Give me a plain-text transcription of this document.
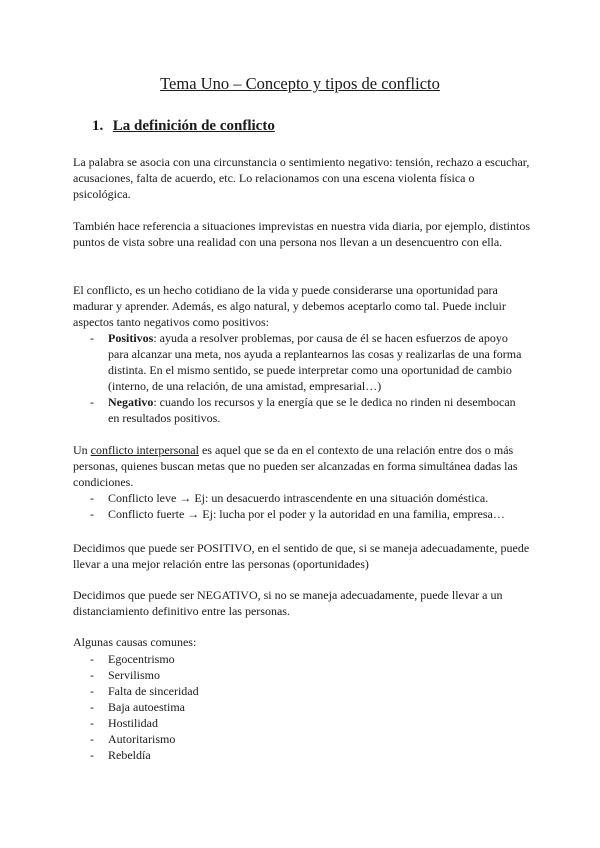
Tema Uno – Concepto y tipos de conflicto
1. La definición de conflicto

La palabra se asocia con una circunstancia o sentimiento negativo: tensión, rechazo a escuchar, acusaciones, falta de acuerdo, etc. Lo relacionamos con una escena violenta física o psicológica.

También hace referencia a situaciones imprevistas en nuestra vida diaria, por ejemplo, distintos puntos de vista sobre una realidad con una persona nos llevan a un desencuentro con ella.

El conflicto, es un hecho cotidiano de la vida y puede considerarse una oportunidad para madurar y aprender. Además, es algo natural, y debemos aceptarlo como tal. Puede incluir aspectos tanto negativos como positivos:

- Positivos: ayuda a resolver problemas, por causa de él se hacen esfuerzos de apoyo para alcanzar una meta, nos ayuda a replantearnos las cosas y realizarlas de una forma distinta. En el mismo sentido, se puede interpretar como una oportunidad de cambio (interno, de una relación, de una amistad, empresarial…)
- Negativo: cuando los recursos y la energía que se le dedica no rinden ni desembocan en resultados positivos.

Un conflicto interpersonal es aquel que se da en el contexto de una relación entre dos o más personas, quienes buscan metas que no pueden ser alcanzadas en forma simultánea dadas las condiciones.

- Conflicto leve → Ej: un desacuerdo intrascendente en una situación doméstica.
- Conflicto fuerte → Ej: lucha por el poder y la autoridad en una familia, empresa…

Decidimos que puede ser POSITIVO, en el sentido de que, si se maneja adecuadamente, puede llevar a una mejor relación entre las personas (oportunidades)

Decidimos que puede ser NEGATIVO, si no se maneja adecuadamente, puede llevar a un distanciamiento definitivo entre las personas.

Algunas causas comunes:

- Egocentrismo
- Servilismo
- Falta de sinceridad
- Baja autoestima
- Hostilidad
- Autoritarismo
- Rebeldía
